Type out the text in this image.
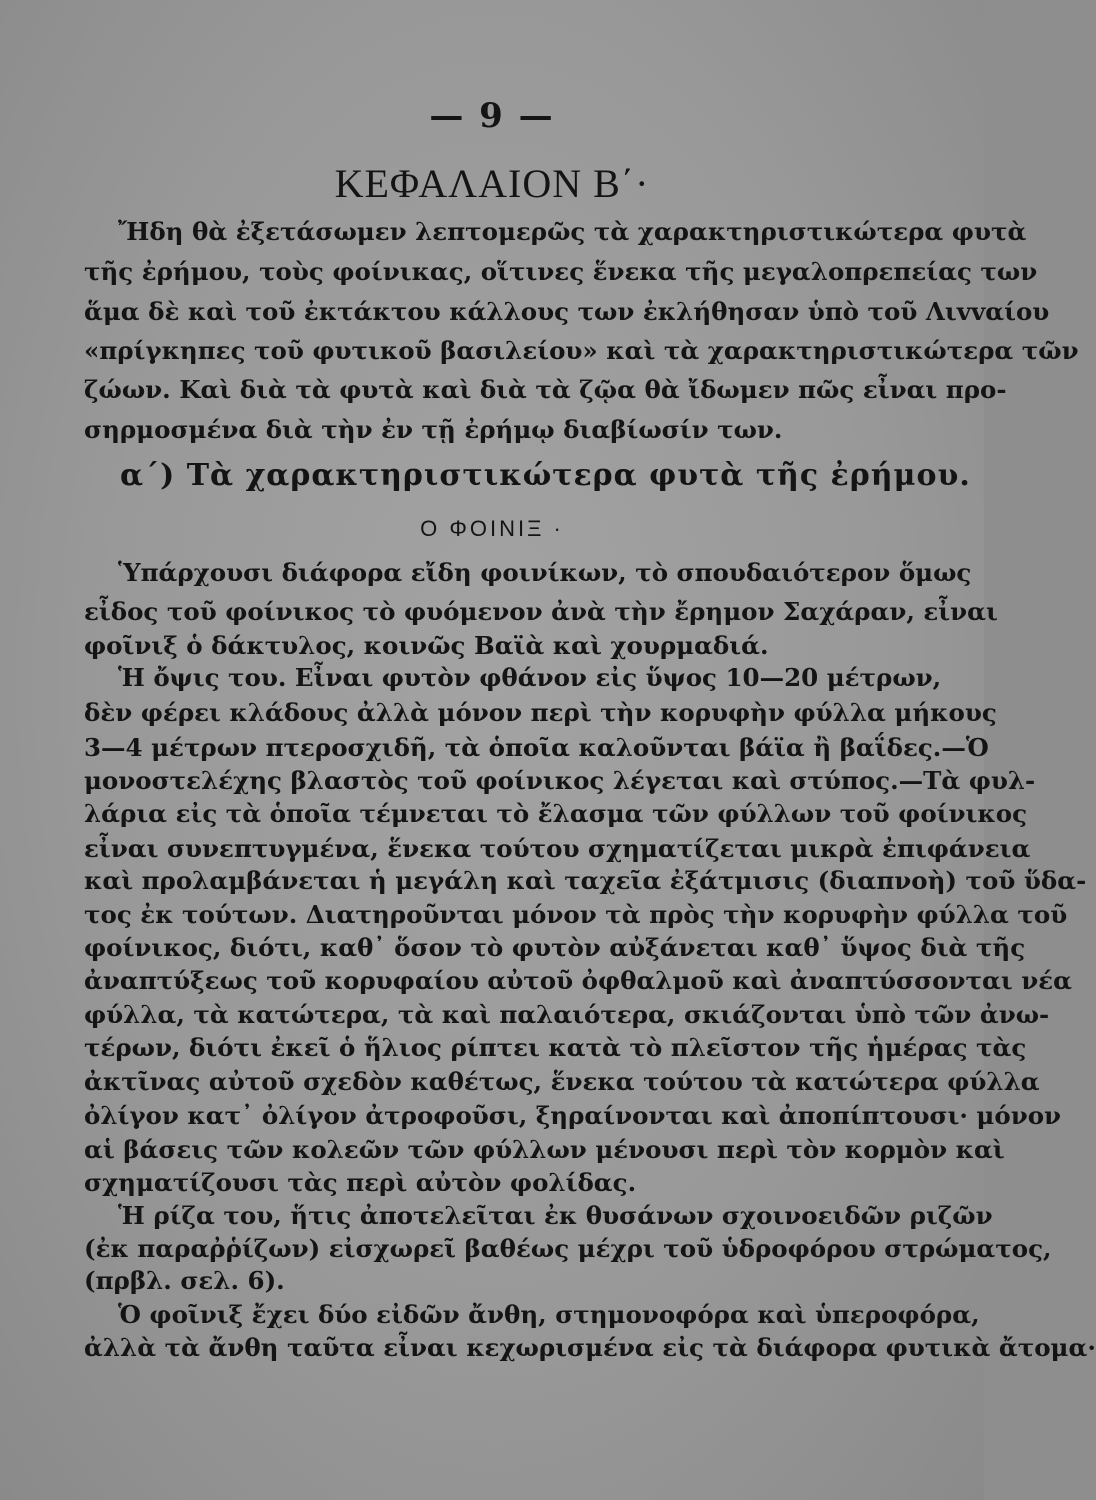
— 9 —
ΚΕΦΑΛΑΙΟΝ Β΄·
Ἤδη θὰ ἐξετάσωμεν λεπτομερῶς τὰ χαρακτηριστικώτερα φυτὰ
τῆς ἐρήμου, τοὺς φοίνικας, οἵτινες ἕνεκα τῆς μεγαλοπρεπείας των
ἅμα δὲ καὶ τοῦ ἐκτάκτου κάλλους των ἐκλήθησαν ὑπὸ τοῦ Λιvvαίου
«πρίγκηπες τοῦ φυτικοῦ βασιλείου» καὶ τὰ χαρακτηριστικώτερα τῶν
ζώων. Καὶ διὰ τὰ φυτὰ καὶ διὰ τὰ ζῷα θὰ ἴδωμεν πῶς εἶναι προ-
σηρμοσμένα διὰ τὴν ἐν τῇ ἐρήμῳ διαβίωσίν των.
α΄) Τὰ χαρακτηριστικώτερα φυτὰ τῆς ἐρήμου.
Ο ΦΟΙΝΙΞ ·
Ὑπάρχουσι διάφορα εἴδη φοινίκων, τὸ σπουδαιότερον ὅμως
εἶδος τοῦ φοίνικος τὸ φυόμενον ἀνὰ τὴν ἔρημον Σαχάραν, εἶναι
φοῖνιξ ὁ δάκτυλος, κοινῶς Βαϊὰ καὶ χουρμαδιά.
Ἡ ὄψις του. Εἶναι φυτὸν φθάνον εἰς ὕψος 10—20 μέτρων,
δὲν φέρει κλάδους ἀλλὰ μόνον περὶ τὴν κορυφὴν φύλλα μήκους
3—4 μέτρων πτεροσχιδῆ, τὰ ὁποῖα καλοῦνται βάϊα ἢ βαΐδες.—Ὁ
μονοστελέχης βλαστὸς τοῦ φοίνικος λέγεται καὶ στύπος.—Τὰ φυλ-
λάρια εἰς τὰ ὁποῖα τέμνεται τὸ ἔλασμα τῶν φύλλων τοῦ φοίνικος
εἶναι συνεπτυγμένα, ἕνεκα τούτου σχηματίζεται μικρὰ ἐπιφάνεια
καὶ προλαμβάνεται ἡ μεγάλη καὶ ταχεῖα ἐξάτμισις (διαπνοὴ) τοῦ ὕδα-
τος ἐκ τούτων. Διατηροῦνται μόνον τὰ πρὸς τὴν κορυφὴν φύλλα τοῦ
φοίνικος, διότι, καθ᾽ ὅσον τὸ φυτὸν αὐξάνεται καθ᾽ ὕψος διὰ τῆς
ἀναπτύξεως τοῦ κορυφαίου αὐτοῦ ὀφθαλμοῦ καὶ ἀναπτύσσονται νέα
φύλλα, τὰ κατώτερα, τὰ καὶ παλαιότερα, σκιάζονται ὑπὸ τῶν ἀνω-
τέρων, διότι ἐκεῖ ὁ ἥλιος ρίπτει κατὰ τὸ πλεῖστον τῆς ἡμέρας τὰς
ἀκτῖνας αὐτοῦ σχεδὸν καθέτως, ἕνεκα τούτου τὰ κατώτερα φύλλα
ὀλίγον κατ᾽ ὀλίγον ἀτροφοῦσι, ξηραίνονται καὶ ἀποπίπτουσι· μόνον
αἱ βάσεις τῶν κολεῶν τῶν φύλλων μένουσι περὶ τὸν κορμὸν καὶ
σχηματίζουσι τὰς περὶ αὐτὸν φολίδας.
Ἡ ρίζα του, ἥτις ἀποτελεῖται ἐκ θυσάνων σχοινοειδῶν ριζῶν
(ἐκ παραῤῥίζων) εἰσχωρεῖ βαθέως μέχρι τοῦ ὑδροφόρου στρώματος,
(πρβλ. σελ. 6).
Ὁ φοῖνιξ ἔχει δύο εἰδῶν ἄνθη, στημονοφόρα καὶ ὑπεροφόρα,
ἀλλὰ τὰ ἄνθη ταῦτα εἶναι κεχωρισμένα εἰς τὰ διάφορα φυτικὰ ἄτομα·
